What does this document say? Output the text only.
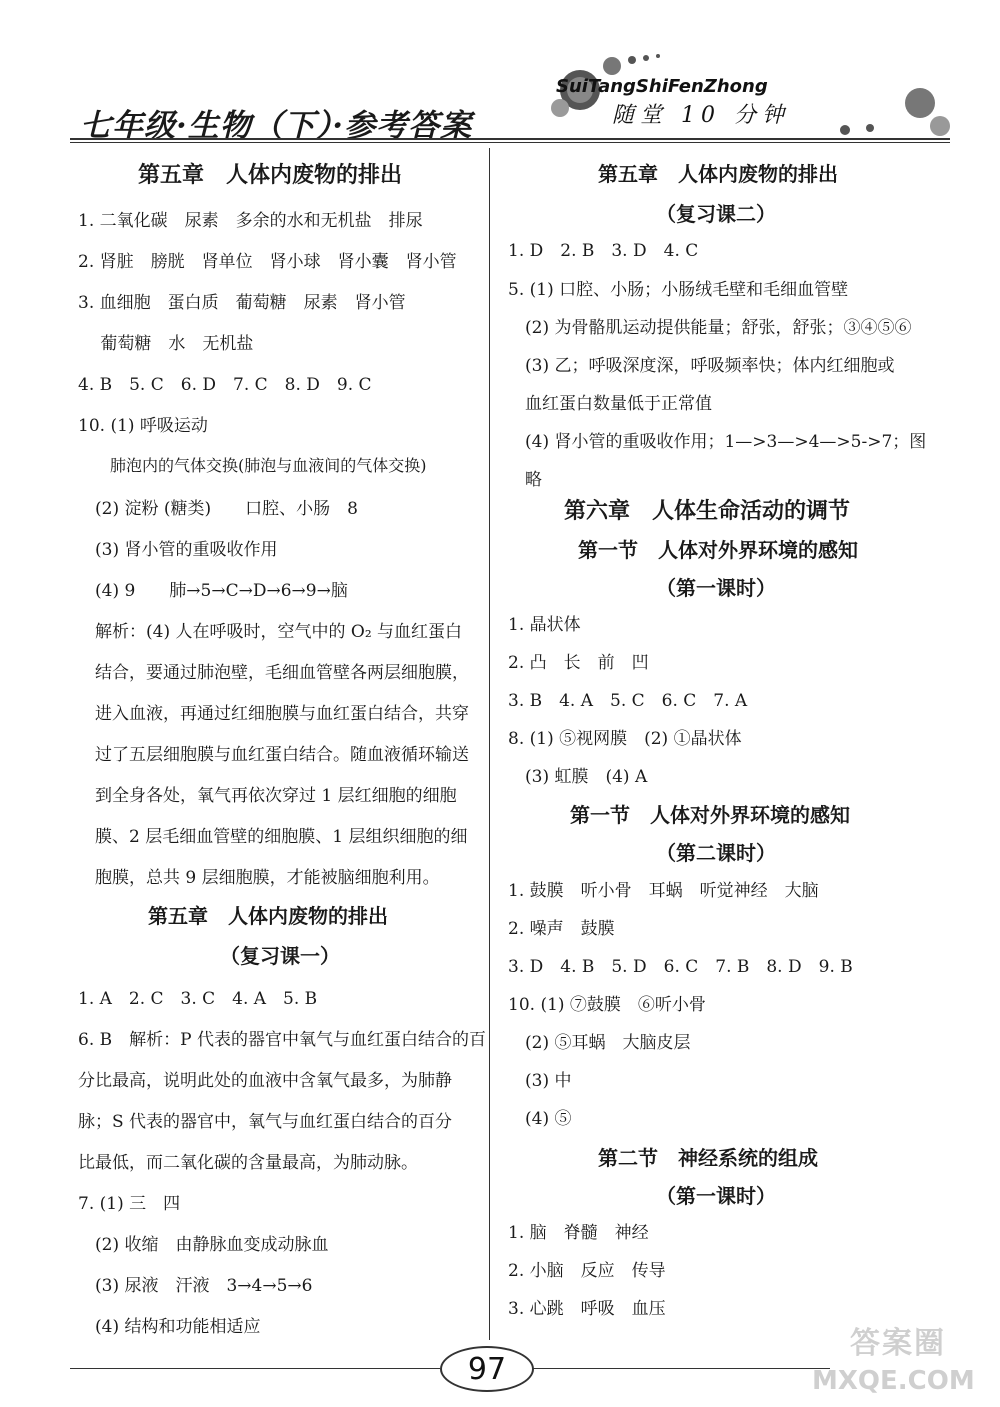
七年级·生物（下）·参考答案
SuiTangShiFenZhong
随堂 10 分钟
第五章　人体内废物的排出
1. 二氧化碳　尿素　多余的水和无机盐　排尿
2. 肾脏　膀胱　肾单位　肾小球　肾小囊　肾小管
3. 血细胞　蛋白质　葡萄糖　尿素　肾小管
　 葡萄糖　水　无机盐
4. B　5. C　6. D　7. C　8. D　9. C
10. (1) 呼吸运动
　　肺泡内的气体交换(肺泡与血液间的气体交换)
　(2) 淀粉 (糖类)　　口腔、小肠　8
　(3) 肾小管的重吸收作用
　(4) 9　　肺→5→C→D→6→9→脑
　解析：(4) 人在呼吸时，空气中的 O₂ 与血红蛋白
　结合，要通过肺泡壁，毛细血管壁各两层细胞膜，
　进入血液，再通过红细胞膜与血红蛋白结合，共穿
　过了五层细胞膜与血红蛋白结合。随血液循环输送
　到全身各处，氧气再依次穿过 1 层红细胞的细胞
　膜、2 层毛细血管壁的细胞膜、1 层组织细胞的细
　胞膜，总共 9 层细胞膜，才能被脑细胞利用。
第五章　人体内废物的排出
（复习课一）
1. A　2. C　3. C　4. A　5. B
6. B　解析：P 代表的器官中氧气与血红蛋白结合的百
分比最高，说明此处的血液中含氧气最多，为肺静
脉；S 代表的器官中，氧气与血红蛋白结合的百分
比最低，而二氧化碳的含量最高，为肺动脉。
7. (1) 三　四
　(2) 收缩　由静脉血变成动脉血
　(3) 尿液　汗液　3→4→5→6
　(4) 结构和功能相适应
第五章　人体内废物的排出
（复习课二）
1. D　2. B　3. D　4. C
5. (1) 口腔、小肠；小肠绒毛壁和毛细血管壁
　(2) 为骨骼肌运动提供能量；舒张，舒张；③④⑤⑥
　(3) 乙；呼吸深度深，呼吸频率快；体内红细胞或
　血红蛋白数量低于正常值
　(4) 肾小管的重吸收作用；1—>3—>4—>5->7；图
　略
第六章　人体生命活动的调节
第一节　人体对外界环境的感知
（第一课时）
1. 晶状体
2. 凸　长　前　凹
3. B　4. A　5. C　6. C　7. A
8. (1) ⑤视网膜　(2) ①晶状体
　(3) 虹膜　(4) A
第一节　人体对外界环境的感知
（第二课时）
1. 鼓膜　听小骨　耳蜗　听觉神经　大脑
2. 噪声　鼓膜
3. D　4. B　5. D　6. C　7. B　8. D　9. B
10. (1) ⑦鼓膜　⑥听小骨
　(2) ⑤耳蜗　大脑皮层
　(3) 中
　(4) ⑤
第二节　神经系统的组成
（第一课时）
1. 脑　脊髓　神经
2. 小脑　反应　传导
3. 心跳　呼吸　血压
97
答案圈
MXQE.COM
